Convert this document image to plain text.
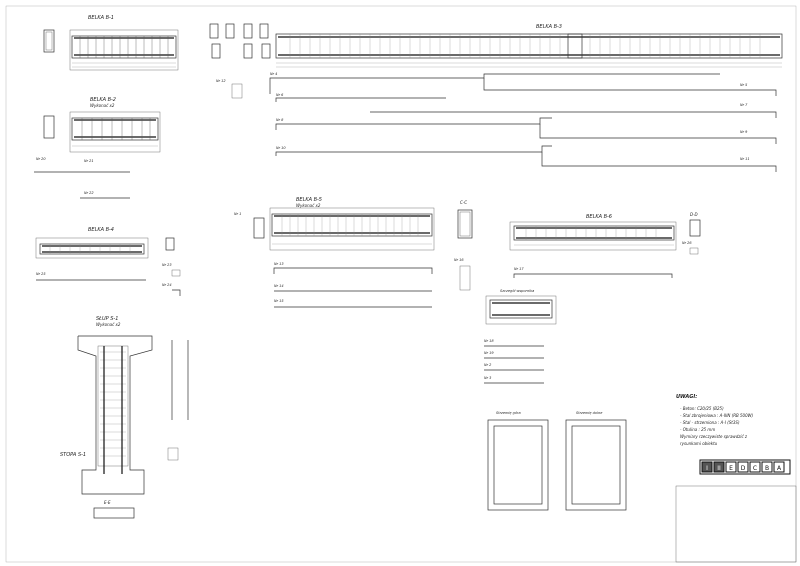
BELKA B-1
BELKA B-2
Wykonać x2
Nr 20	Nr 21
Nr 22
BELKA B-3
Nr 4
Nr 5
Nr 6
Nr 7
Nr 8
Nr 9
Nr 10
Nr 11
Nr 12
BELKA B-4
Nr 25
Nr 23
Nr 24
BELKA B-5
Wykonać x2
Nr 1
Nr 13
Nr 14
Nr 15
C-C
Nr 16
BELKA B-6	D-D
Nr 26
Nr 17
Szczegół wspornika
Nr 18
Nr 19
Nr 2
Nr 3
SŁUP S-1
Wykonać x2
STOPA S-1
E-E
Strzemię góra	Strzemię dolne
UWAGI:
- Beton: C20/25 (B25)
- Stal zbrojeniowa : A-IIIN (RB 500W)
- Stal - strzemiona : A-I (St3S)
- Otulina : 25 mm
Wymiary rzeczywiste sprawdzić z
rysunkami obiektu
I II E D C B A
